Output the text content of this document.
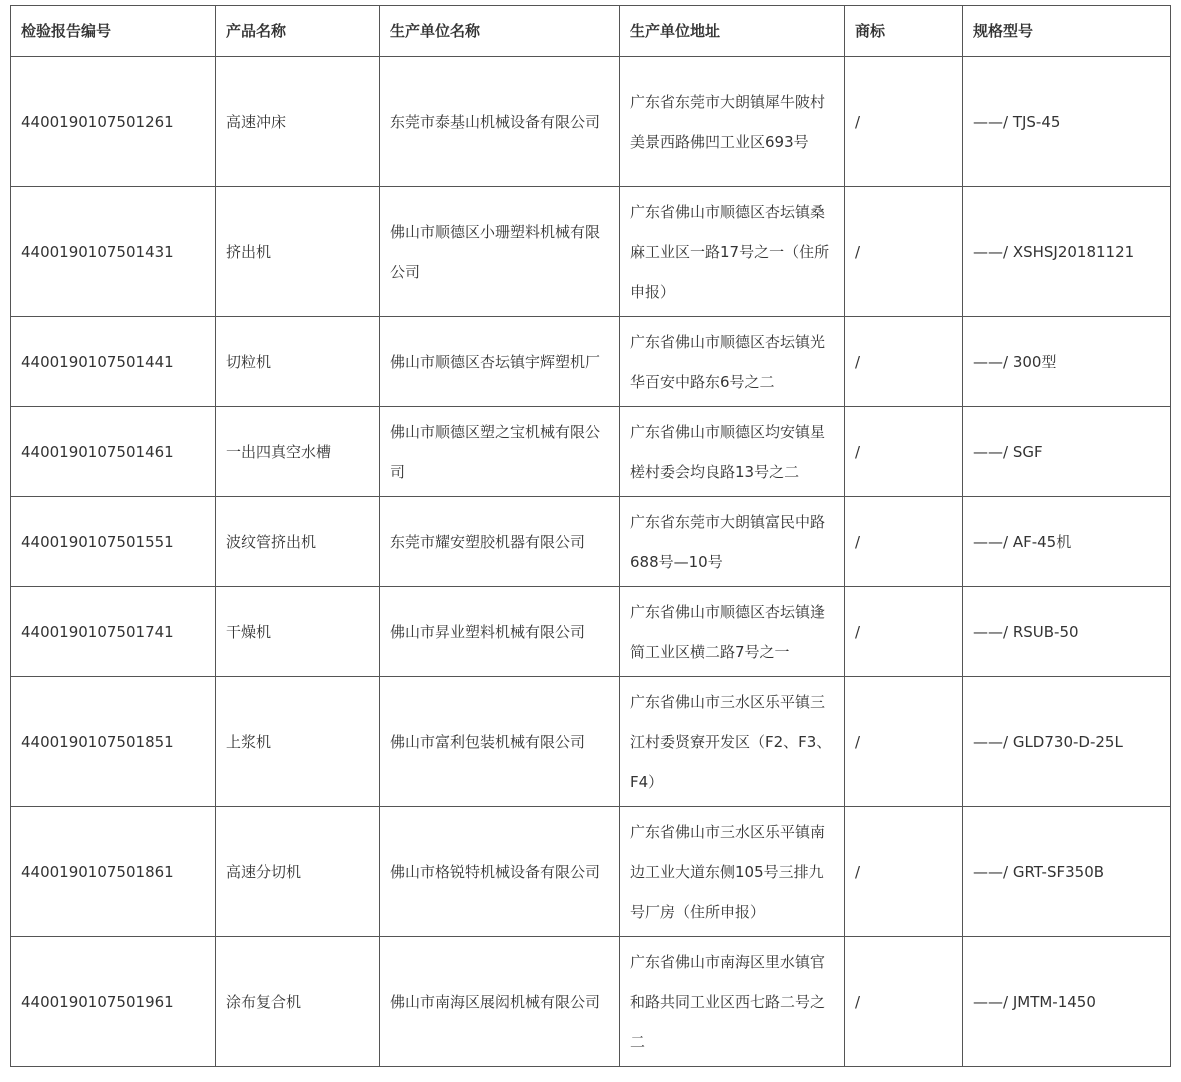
检验报告编号	产品名称	生产单位名称	生产单位地址	商标	规格型号
4400190107501261	高速冲床	东莞市泰基山机械设备有限公司	广东省东莞市大朗镇犀牛陂村美景西路佛凹工业区693号	/	——/ TJS-45
4400190107501431	挤出机	佛山市顺德区小珊塑料机械有限公司	广东省佛山市顺德区杏坛镇桑麻工业区一路17号之一（住所申报）	/	——/ XSHSJ20181121
4400190107501441	切粒机	佛山市顺德区杏坛镇宇辉塑机厂	广东省佛山市顺德区杏坛镇光华百安中路东6号之二	/	——/ 300型
4400190107501461	一出四真空水槽	佛山市顺德区塑之宝机械有限公司	广东省佛山市顺德区均安镇星槎村委会均良路13号之二	/	——/ SGF
4400190107501551	波纹管挤出机	东莞市耀安塑胶机器有限公司	广东省东莞市大朗镇富民中路688号—10号	/	——/ AF-45机
4400190107501741	干燥机	佛山市昇业塑料机械有限公司	广东省佛山市顺德区杏坛镇逢简工业区横二路7号之一	/	——/ RSUB-50
4400190107501851	上浆机	佛山市富利包装机械有限公司	广东省佛山市三水区乐平镇三江村委贤寮开发区（F2、F3、F4）	/	——/ GLD730-D-25L
4400190107501861	高速分切机	佛山市格锐特机械设备有限公司	广东省佛山市三水区乐平镇南边工业大道东侧105号三排九号厂房（住所申报）	/	——/ GRT-SF350B
4400190107501961	涂布复合机	佛山市南海区展闳机械有限公司	广东省佛山市南海区里水镇官和路共同工业区西七路二号之二	/	——/ JMTM-1450
